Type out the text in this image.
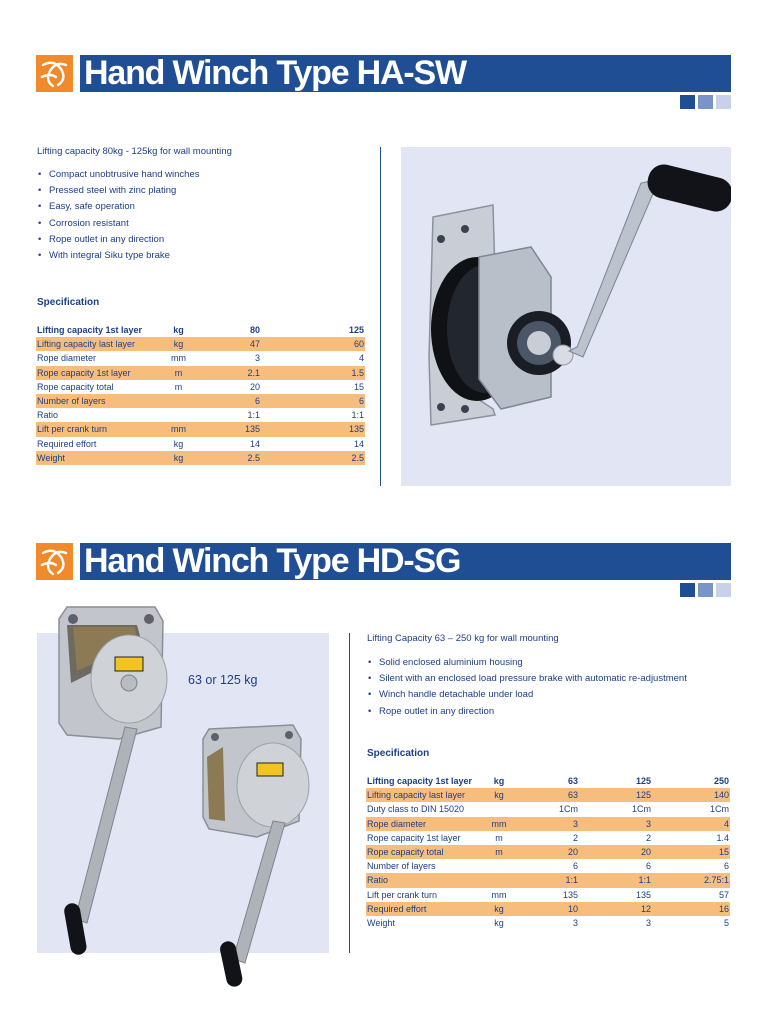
Hand Winch Type HA-SW
Lifting capacity 80kg - 125kg for wall mounting
• Compact unobtrusive hand winches
• Pressed steel with zinc plating
• Easy, safe operation
• Corrosion resistant
• Rope outlet in any direction
• With integral Siku type brake
Specification
Lifting capacity 1st layer	kg	80	125
Lifting capacity last layer	kg	47	60
Rope diameter	mm	3	4
Rope capacity 1st layer	m	2.1	1.5
Rope capacity total	m	20	15
Number of layers		6	6
Ratio		1:1	1:1
Lift per crank turn	mm	135	135
Required effort	kg	14	14
Weight	kg	2.5	2.5
Hand Winch Type HD-SG
63 or 125 kg
Lifting Capacity 63 – 250 kg for wall mounting
• Solid enclosed aluminium housing
• Silent with an enclosed load pressure brake with automatic re-adjustment
• Winch handle detachable under load
• Rope outlet in any direction
Specification
Lifting capacity 1st layer	kg	63	125	250
Lifting capacity last layer	kg	63	125	140
Duty class to DIN 15020		1Cm	1Cm	1Cm
Rope diameter	mm	3	3	4
Rope capacity 1st layer	m	2	2	1.4
Rope capacity total	m	20	20	15
Number of layers		6	6	6
Ratio		1:1	1:1	2.75:1
Lift per crank turn	mm	135	135	57
Required effort	kg	10	12	16
Weight	kg	3	3	5
